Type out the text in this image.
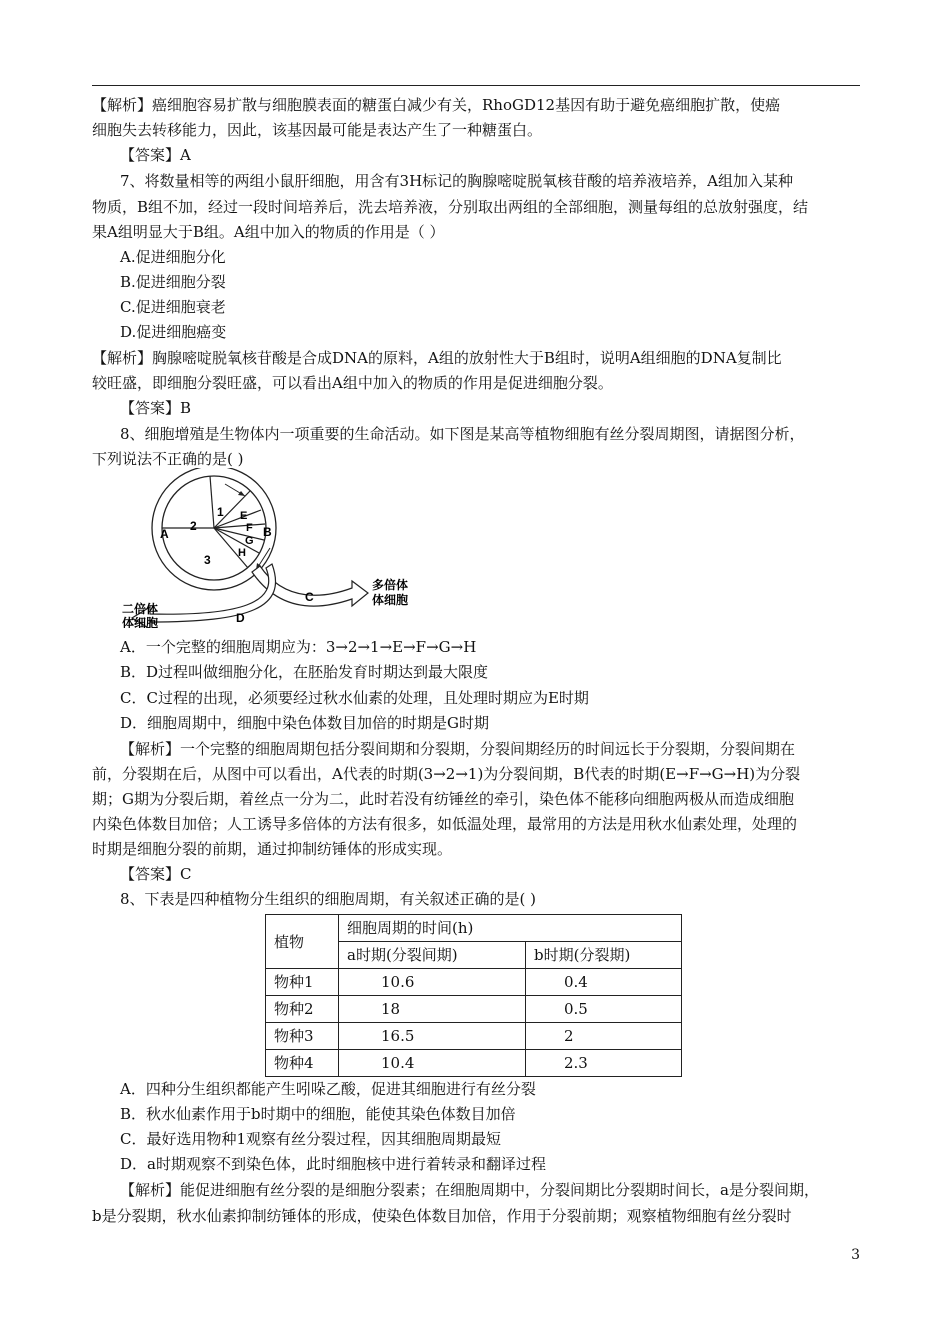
【解析】癌细胞容易扩散与细胞膜表面的糖蛋白减少有关，RhoGD12基因有助于避免癌细胞扩散，使癌
细胞失去转移能力，因此，该基因最可能是表达产生了一种糖蛋白。
【答案】A
7、将数量相等的两组小鼠肝细胞，用含有3H标记的胸腺嘧啶脱氧核苷酸的培养液培养，A组加入某种
物质，B组不加，经过一段时间培养后，洗去培养液，分别取出两组的全部细胞，测量每组的总放射强度，结
果A组明显大于B组。A组中加入的物质的作用是（ ）
A.促进细胞分化
B.促进细胞分裂
C.促进细胞衰老
D.促进细胞癌变
【解析】胸腺嘧啶脱氧核苷酸是合成DNA的原料，A组的放射性大于B组时，说明A组细胞的DNA复制比
较旺盛，即细胞分裂旺盛，可以看出A组中加入的物质的作用是促进细胞分裂。
【答案】B
8、细胞增殖是生物体内一项重要的生命活动。如下图是某高等植物细胞有丝分裂周期图，请据图分析，
下列说法不正确的是( )
1
2
3
E
F
G
H
A	B
C
D
多倍体
体细胞
二倍体
体细胞
A．一个完整的细胞周期应为：3→2→1→E→F→G→H
B．D过程叫做细胞分化，在胚胎发育时期达到最大限度
C．C过程的出现，必须要经过秋水仙素的处理，且处理时期应为E时期
D．细胞周期中，细胞中染色体数目加倍的时期是G时期
【解析】一个完整的细胞周期包括分裂间期和分裂期，分裂间期经历的时间远长于分裂期，分裂间期在
前，分裂期在后，从图中可以看出，A代表的时期(3→2→1)为分裂间期，B代表的时期(E→F→G→H)为分裂
期；G期为分裂后期，着丝点一分为二，此时若没有纺锤丝的牵引，染色体不能移向细胞两极从而造成细胞
内染色体数目加倍；人工诱导多倍体的方法有很多，如低温处理，最常用的方法是用秋水仙素处理，处理的
时期是细胞分裂的前期，通过抑制纺锤体的形成实现。
【答案】C
8、下表是四种植物分生组织的细胞周期，有关叙述正确的是( )
植物	细胞周期的时间(h)	
	a时期(分裂间期)	b时期(分裂期)
物种1	10.6	0.4
物种2	18	0.5
物种3	16.5	2
物种4	10.4	2.3
A．四种分生组织都能产生吲哚乙酸，促进其细胞进行有丝分裂
B．秋水仙素作用于b时期中的细胞，能使其染色体数目加倍
C．最好选用物种1观察有丝分裂过程，因其细胞周期最短
D．a时期观察不到染色体，此时细胞核中进行着转录和翻译过程
【解析】能促进细胞有丝分裂的是细胞分裂素；在细胞周期中，分裂间期比分裂期时间长，a是分裂间期，
b是分裂期，秋水仙素抑制纺锤体的形成，使染色体数目加倍，作用于分裂前期；观察植物细胞有丝分裂时
3
